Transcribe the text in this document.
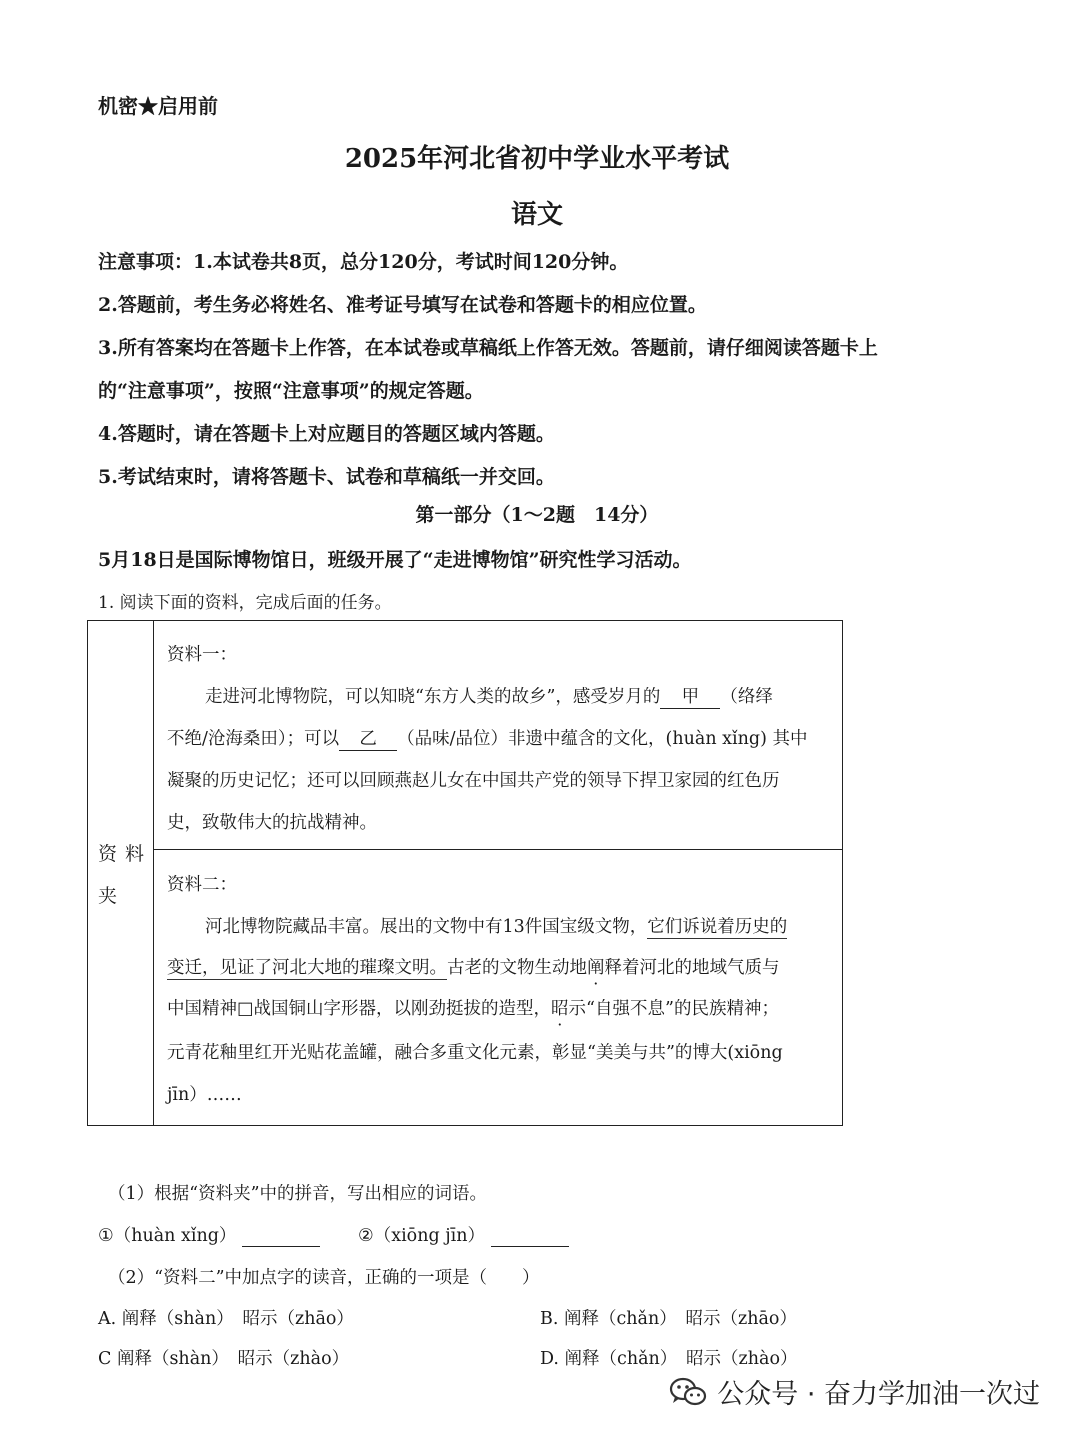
机密★启用前
2025年河北省初中学业水平考试
语文
注意事项：1.本试卷共8页，总分120分，考试时间120分钟。
2.答题前，考生务必将姓名、准考证号填写在试卷和答题卡的相应位置。
3.所有答案均在答题卡上作答，在本试卷或草稿纸上作答无效。答题前，请仔细阅读答题卡上
的“注意事项”，按照“注意事项”的规定答题。
4.答题时，请在答题卡上对应题目的答题区域内答题。
5.考试结束时，请将答题卡、试卷和草稿纸一并交回。
第一部分（1～2题　14分）
5月18日是国际博物馆日，班级开展了“走进博物馆”研究性学习活动。
1. 阅读下面的资料，完成后面的任务。
资料
夹
资料一：
走进河北博物院，可以知晓“东方人类的故乡”，感受岁月的 甲 （络绎
不绝/沧海桑田）；可以 乙 （品味/品位）非遗中蕴含的文化，(huàn xǐng) 其中
凝聚的历史记忆；还可以回顾燕赵儿女在中国共产党的领导下捍卫家园的红色历
史，致敬伟大的抗战精神。
资料二：
河北博物院藏品丰富。展出的文物中有13件国宝级文物，它们诉说着历史的
变迁，见证了河北大地的璀璨文明。古老的文物生动地阐释着河北的地域气质与
中国精神□战国铜山字形器，以刚劲挺拔的造型，昭示“自强不息”的民族精神；
元青花釉里红开光贴花盖罐，融合多重文化元素，彰显“美美与共”的博大(xiōng
jīn）……
（1）根据“资料夹”中的拼音，写出相应的词语。
①（huàn xǐng）	②（xiōng jīn）
（2）“资料二”中加点字的读音，正确的一项是（　　）
A. 阐释（shàn）　昭示（zhāo）	B. 阐释（chǎn）　昭示（zhāo）
C 阐释（shàn）　昭示（zhào）	D. 阐释（chǎn）　昭示（zhào）
公众号 · 奋力学加油一次过
